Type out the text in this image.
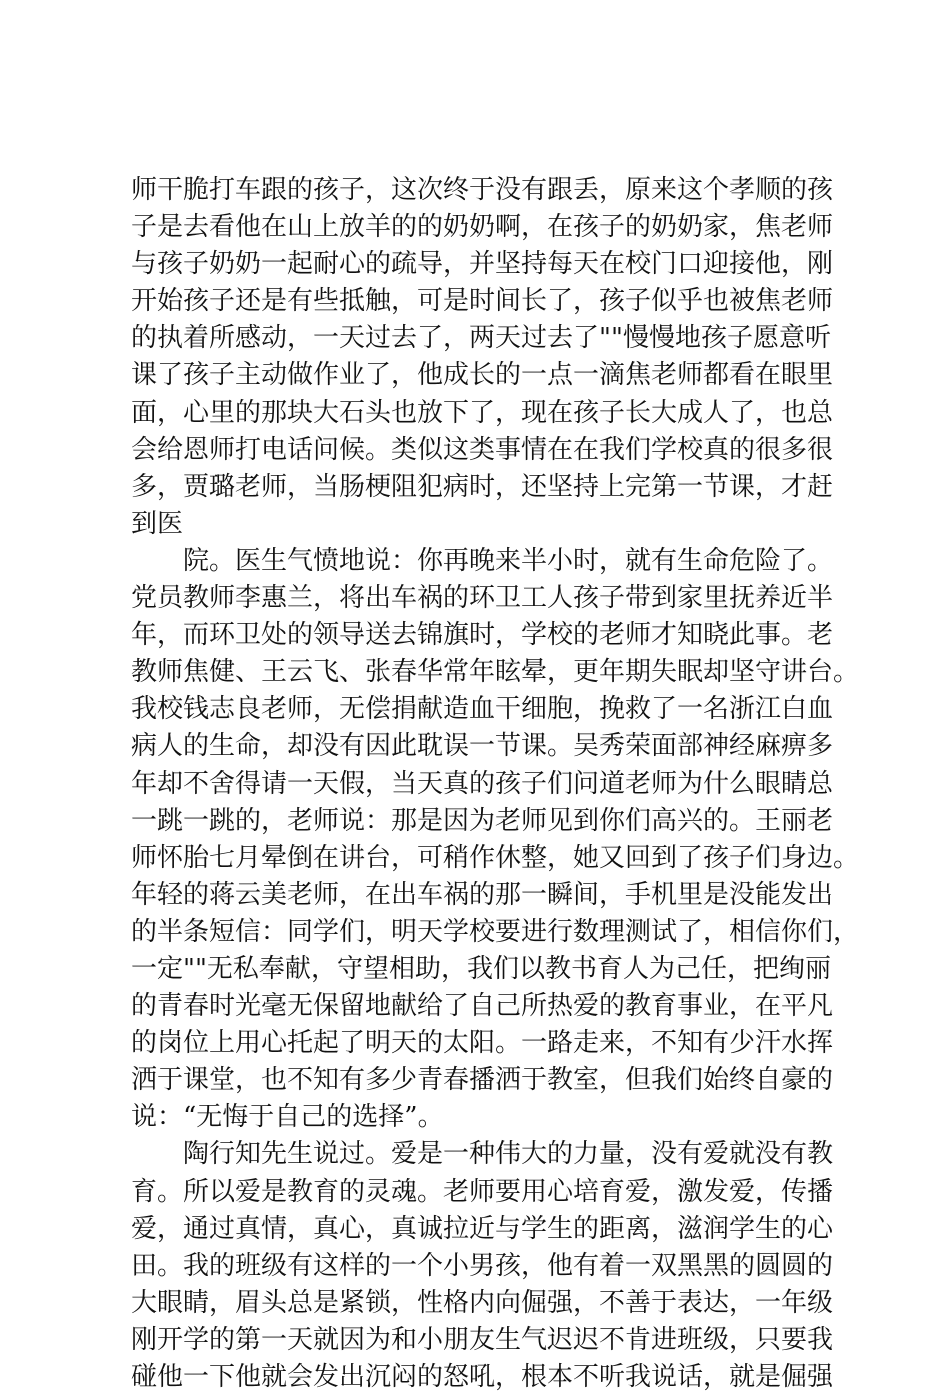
师干脆打车跟的孩子，这次终于没有跟丢，原来这个孝顺的孩
子是去看他在山上放羊的的奶奶啊，在孩子的奶奶家，焦老师
与孩子奶奶一起耐心的疏导，并坚持每天在校门口迎接他，刚
开始孩子还是有些抵触，可是时间长了，孩子似乎也被焦老师
的执着所感动，一天过去了，两天过去了""慢慢地孩子愿意听
课了孩子主动做作业了，他成长的一点一滴焦老师都看在眼里
面，心里的那块大石头也放下了，现在孩子长大成人了，也总
会给恩师打电话问候。类似这类事情在在我们学校真的很多很
多，贾璐老师，当肠梗阻犯病时，还坚持上完第一节课，才赶
到医
院。医生气愤地说：你再晚来半小时，就有生命危险了。
党员教师李惠兰，将出车祸的环卫工人孩子带到家里抚养近半
年，而环卫处的领导送去锦旗时，学校的老师才知晓此事。老
教师焦健、王云飞、张春华常年眩晕，更年期失眠却坚守讲台。
我校钱志良老师，无偿捐献造血干细胞，挽救了一名浙江白血
病人的生命，却没有因此耽误一节课。吴秀荣面部神经麻痹多
年却不舍得请一天假，当天真的孩子们问道老师为什么眼睛总
一跳一跳的，老师说：那是因为老师见到你们高兴的。王丽老
师怀胎七月晕倒在讲台，可稍作休整，她又回到了孩子们身边。
年轻的蒋云美老师，在出车祸的那一瞬间，手机里是没能发出
的半条短信：同学们，明天学校要进行数理测试了，相信你们，
一定""无私奉献，守望相助，我们以教书育人为己任，把绚丽
的青春时光毫无保留地献给了自己所热爱的教育事业，在平凡
的岗位上用心托起了明天的太阳。一路走来，不知有少汗水挥
洒于课堂，也不知有多少青春播洒于教室，但我们始终自豪的
说：“无悔于自己的选择”。
陶行知先生说过。爱是一种伟大的力量，没有爱就没有教
育。所以爱是教育的灵魂。老师要用心培育爱，激发爱，传播
爱，通过真情，真心，真诚拉近与学生的距离，滋润学生的心
田。我的班级有这样的一个小男孩，他有着一双黑黑的圆圆的
大眼睛，眉头总是紧锁，性格内向倔强，不善于表达，一年级
刚开学的第一天就因为和小朋友生气迟迟不肯进班级，只要我
碰他一下他就会发出沉闷的怒吼，根本不听我说话，就是倔强
